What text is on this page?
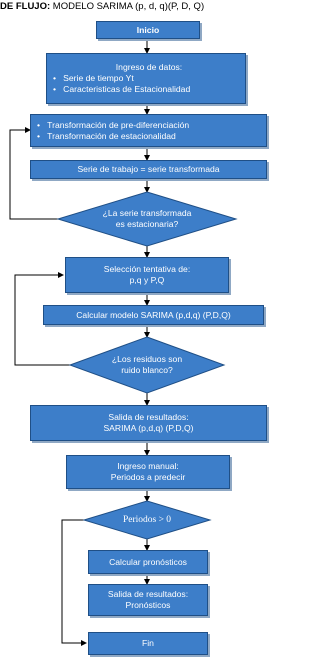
DE FLUJO: MODELO SARIMA (p, d, q)(P, D, Q)
Inicio
Ingreso de datos:
•   Serie de tiempo Yt
•   Caracteristicas de Estacionalidad
•   Transformación de pre-diferenciación
•   Transformación de estacionalidad
Serie de trabajo = serie transformada
¿La serie transformada
es estacionaria?
Selección tentativa de:
p,q y P,Q
Calcular modelo SARIMA (p,d,q) (P,D,Q)
¿Los residuos son
ruido blanco?
Salida de resultados:
SARIMA (p,d,q) (P,D,Q)
Ingreso manual:
Periodos a predecir
Periodos > 0
Calcular pronósticos
Salida de resultados:
Pronósticos
Fin
